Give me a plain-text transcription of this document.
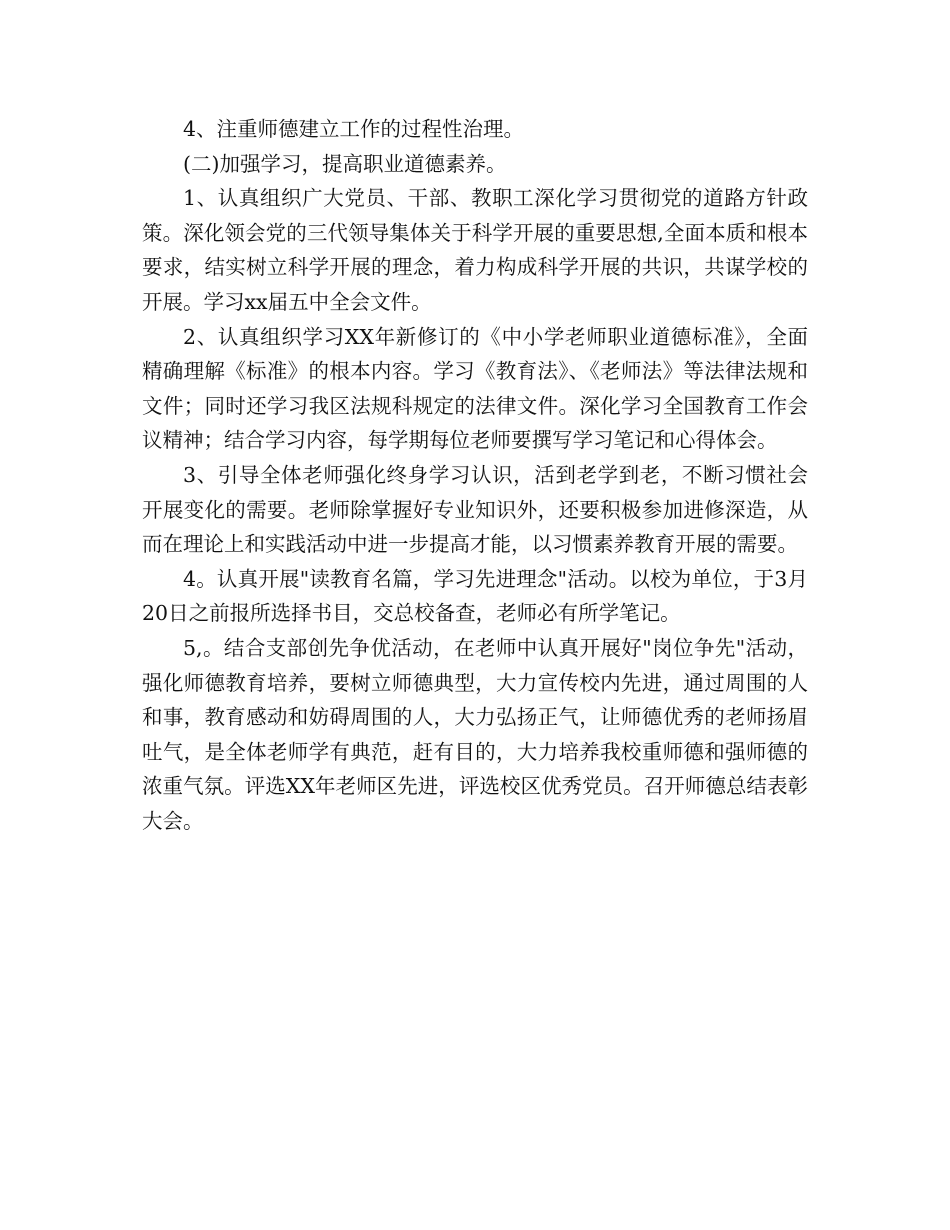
4、注重师德建立工作的过程性治理。

(二)加强学习，提高职业道德素养。

1、认真组织广大党员、干部、教职工深化学习贯彻党的道路方针政策。深化领会党的三代领导集体关于科学开展的重要思想,全面本质和根本要求，结实树立科学开展的理念，着力构成科学开展的共识，共谋学校的开展。学习xx届五中全会文件。

2、认真组织学习XX年新修订的《中小学老师职业道德标准》，全面精确理解《标准》的根本内容。学习《教育法》、《老师法》等法律法规和文件；同时还学习我区法规科规定的法律文件。深化学习全国教育工作会议精神；结合学习内容，每学期每位老师要撰写学习笔记和心得体会。

3、引导全体老师强化终身学习认识，活到老学到老，不断习惯社会开展变化的需要。老师除掌握好专业知识外，还要积极参加进修深造，从而在理论上和实践活动中进一步提高才能，以习惯素养教育开展的需要。

4。认真开展"读教育名篇，学习先进理念"活动。以校为单位，于3月20日之前报所选择书目，交总校备查，老师必有所学笔记。

5,。结合支部创先争优活动，在老师中认真开展好"岗位争先"活动，强化师德教育培养，要树立师德典型，大力宣传校内先进，通过周围的人和事，教育感动和妨碍周围的人，大力弘扬正气，让师德优秀的老师扬眉吐气，是全体老师学有典范，赶有目的，大力培养我校重师德和强师德的浓重气氛。评选XX年老师区先进，评选校区优秀党员。召开师德总结表彰大会。
